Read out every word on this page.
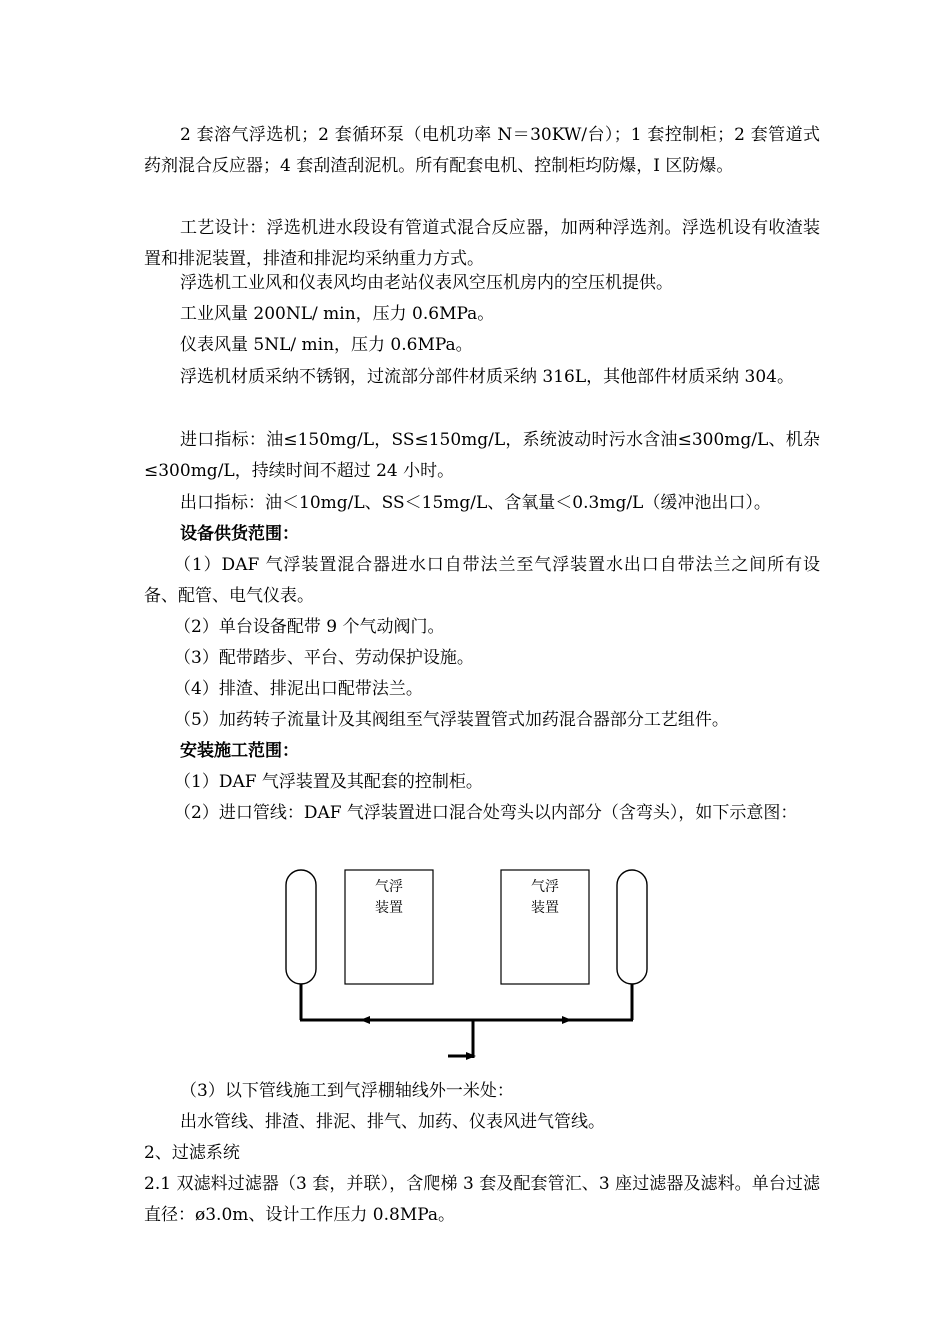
2 套溶气浮选机；2 套循环泵（电机功率 N＝30KW/台）；1 套控制柜；2 套管道式药剂混合反应器；4 套刮渣刮泥机。所有配套电机、控制柜均防爆，I 区防爆。
工艺设计：浮选机进水段设有管道式混合反应器，加两种浮选剂。浮选机设有收渣装置和排泥装置，排渣和排泥均采纳重力方式。
浮选机工业风和仪表风均由老站仪表风空压机房内的空压机提供。
工业风量 200NL/ min，压力 0.6MPa。
仪表风量 5NL/ min，压力 0.6MPa。
浮选机材质采纳不锈钢，过流部分部件材质采纳 316L，其他部件材质采纳 304。
进口指标：油≤150mg/L，SS≤150mg/L，系统波动时污水含油≤300mg/L、机杂≤300mg/L，持续时间不超过 24 小时。
出口指标：油＜10mg/L、SS＜15mg/L、含氧量＜0.3mg/L（缓冲池出口）。
设备供货范围：
（1）DAF 气浮装置混合器进水口自带法兰至气浮装置水出口自带法兰之间所有设备、配管、电气仪表。
（2）单台设备配带 9 个气动阀门。
（3）配带踏步、平台、劳动保护设施。
（4）排渣、排泥出口配带法兰。
（5）加药转子流量计及其阀组至气浮装置管式加药混合器部分工艺组件。
安装施工范围：
（1）DAF 气浮装置及其配套的控制柜。
（2）进口管线：DAF 气浮装置进口混合处弯头以内部分（含弯头），如下示意图：
气浮
装置
气浮
装置
（3）以下管线施工到气浮棚轴线外一米处：
出水管线、排渣、排泥、排气、加药、仪表风进气管线。
2、过滤系统
2.1 双滤料过滤器（3 套，并联），含爬梯 3 套及配套管汇、3 座过滤器及滤料。单台过滤直径：ø3.0m、设计工作压力 0.8MPa。
